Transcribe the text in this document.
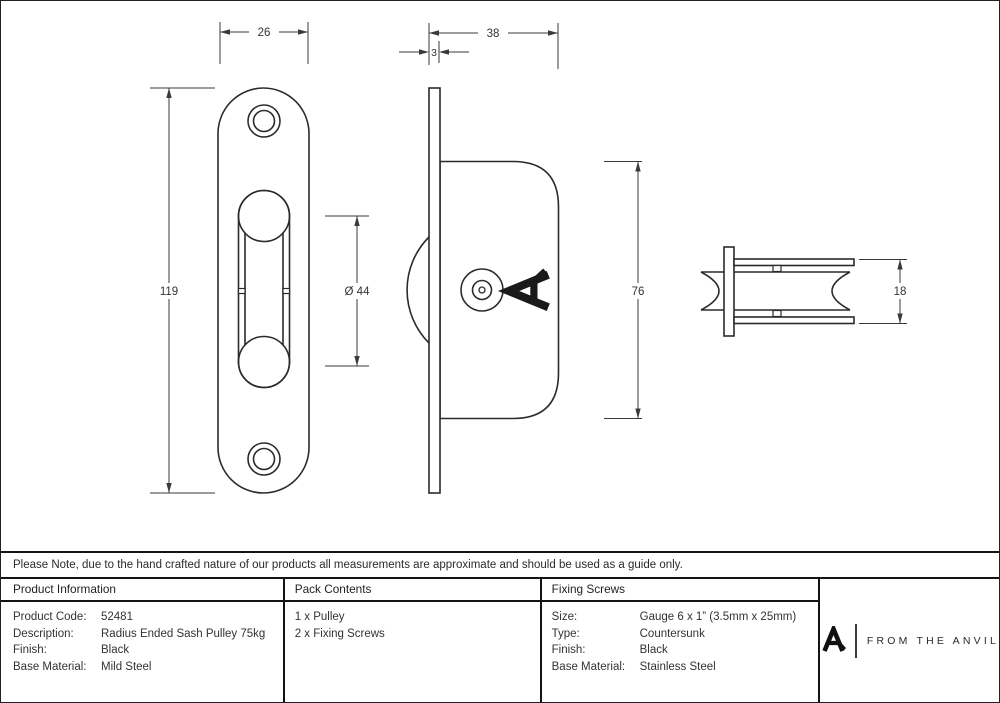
26	38
3
119	Ø 44	76	18
Please Note, due to the hand crafted nature of our products all measurements are approximate and should be used as a guide only.
Product Information
Product Code:	52481
Description:	Radius Ended Sash Pulley 75kg
Finish:	Black
Base Material:	Mild Steel
Pack Contents
1 x Pulley
2 x Fixing Screws
Fixing Screws
Size:	Gauge 6 x 1” (3.5mm x 25mm)
Type:	Countersunk
Finish:	Black
Base Material:	Stainless Steel
FROM THE ANVIL
